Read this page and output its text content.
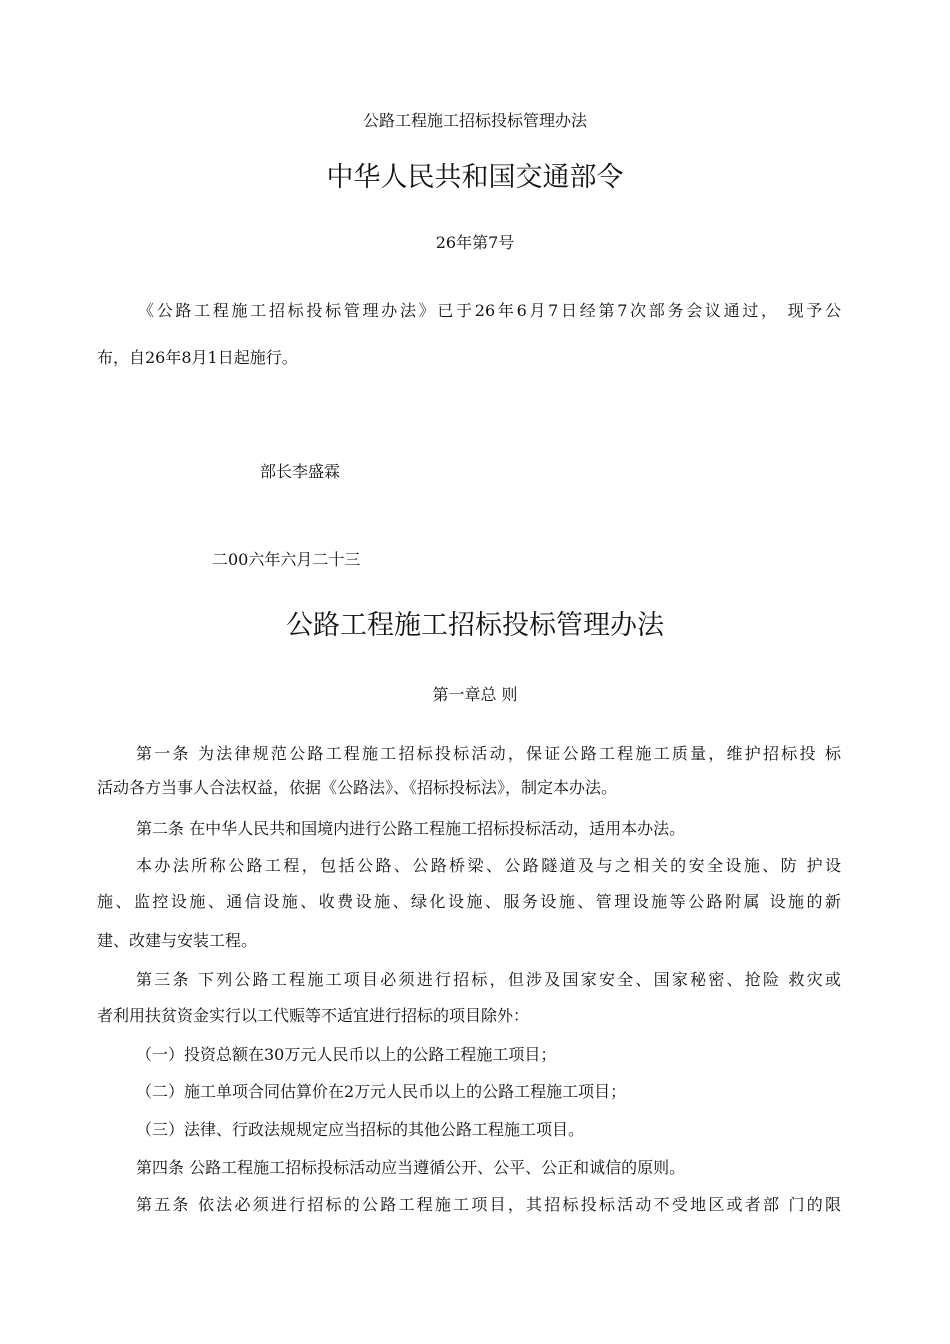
公路工程施工招标投标管理办法
中华人民共和国交通部令
26年第7号
《公路工程施工招标投标管理办法》已于26年6月7日经第7次部务会议通过， 现予公
布，自26年8月1日起施行。
部长李盛霖
二00六年六月二十三
公路工程施工招标投标管理办法
第一章总 则
第一条 为法律规范公路工程施工招标投标活动，保证公路工程施工质量，维护招标投 标
活动各方当事人合法权益，依据《公路法》、《招标投标法》，制定本办法。
第二条 在中华人民共和国境内进行公路工程施工招标投标活动，适用本办法。
本办法所称公路工程，包括公路、公路桥梁、公路隧道及与之相关的安全设施、防 护设
施、监控设施、通信设施、收费设施、绿化设施、服务设施、管理设施等公路附属 设施的新
建、改建与安装工程。
第三条 下列公路工程施工项目必须进行招标，但涉及国家安全、国家秘密、抢险 救灾或
者利用扶贫资金实行以工代赈等不适宜进行招标的项目除外：
（一）投资总额在30万元人民币以上的公路工程施工项目；
（二）施工单项合同估算价在2万元人民币以上的公路工程施工项目；
（三）法律、行政法规规定应当招标的其他公路工程施工项目。
第四条 公路工程施工招标投标活动应当遵循公开、公平、公正和诚信的原则。
第五条 依法必须进行招标的公路工程施工项目，其招标投标活动不受地区或者部 门的限
